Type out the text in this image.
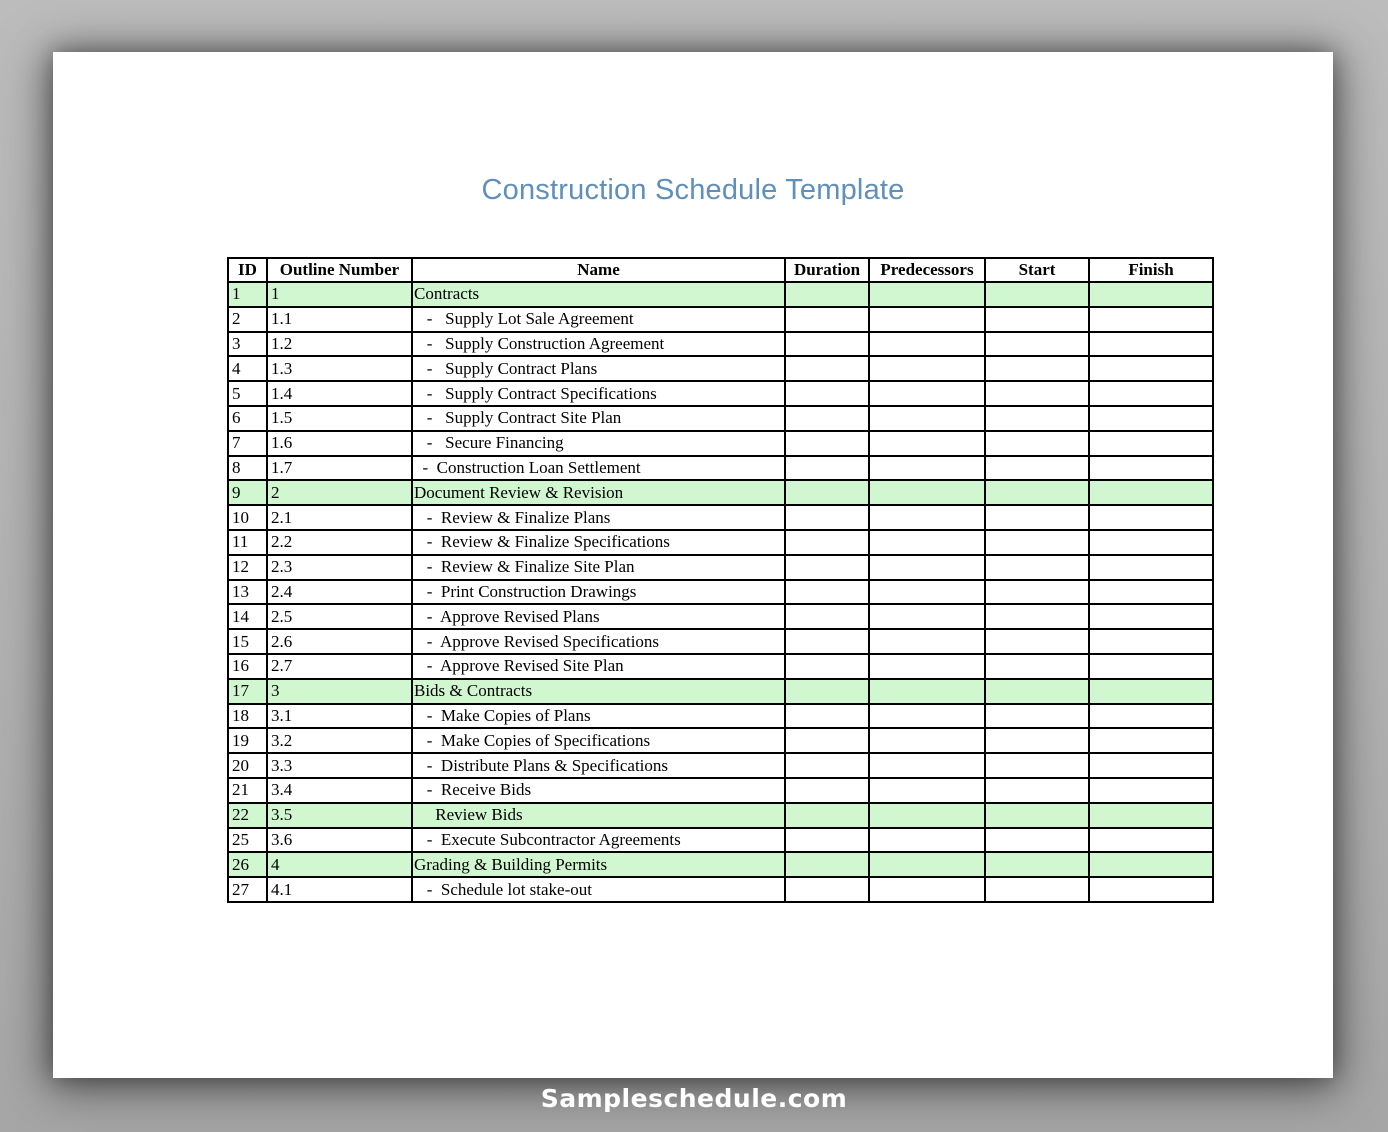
Construction Schedule Template
ID	Outline Number	Name	Duration	Predecessors	Start	Finish
1	1	Contracts				
2	1.1	-   Supply Lot Sale Agreement				
3	1.2	-   Supply Construction Agreement				
4	1.3	-   Supply Contract Plans				
5	1.4	-   Supply Contract Specifications				
6	1.5	-   Supply Contract Site Plan				
7	1.6	-   Secure Financing				
8	1.7	-  Construction Loan Settlement				
9	2	Document Review & Revision				
10	2.1	-  Review & Finalize Plans				
11	2.2	-  Review & Finalize Specifications				
12	2.3	-  Review & Finalize Site Plan				
13	2.4	-  Print Construction Drawings				
14	2.5	-  Approve Revised Plans				
15	2.6	-  Approve Revised Specifications				
16	2.7	-  Approve Revised Site Plan				
17	3	Bids & Contracts				
18	3.1	-  Make Copies of Plans				
19	3.2	-  Make Copies of Specifications				
20	3.3	-  Distribute Plans & Specifications				
21	3.4	-  Receive Bids				
22	3.5	Review Bids				
25	3.6	-  Execute Subcontractor Agreements				
26	4	Grading & Building Permits				
27	4.1	-  Schedule lot stake-out				
Sampleschedule.com
